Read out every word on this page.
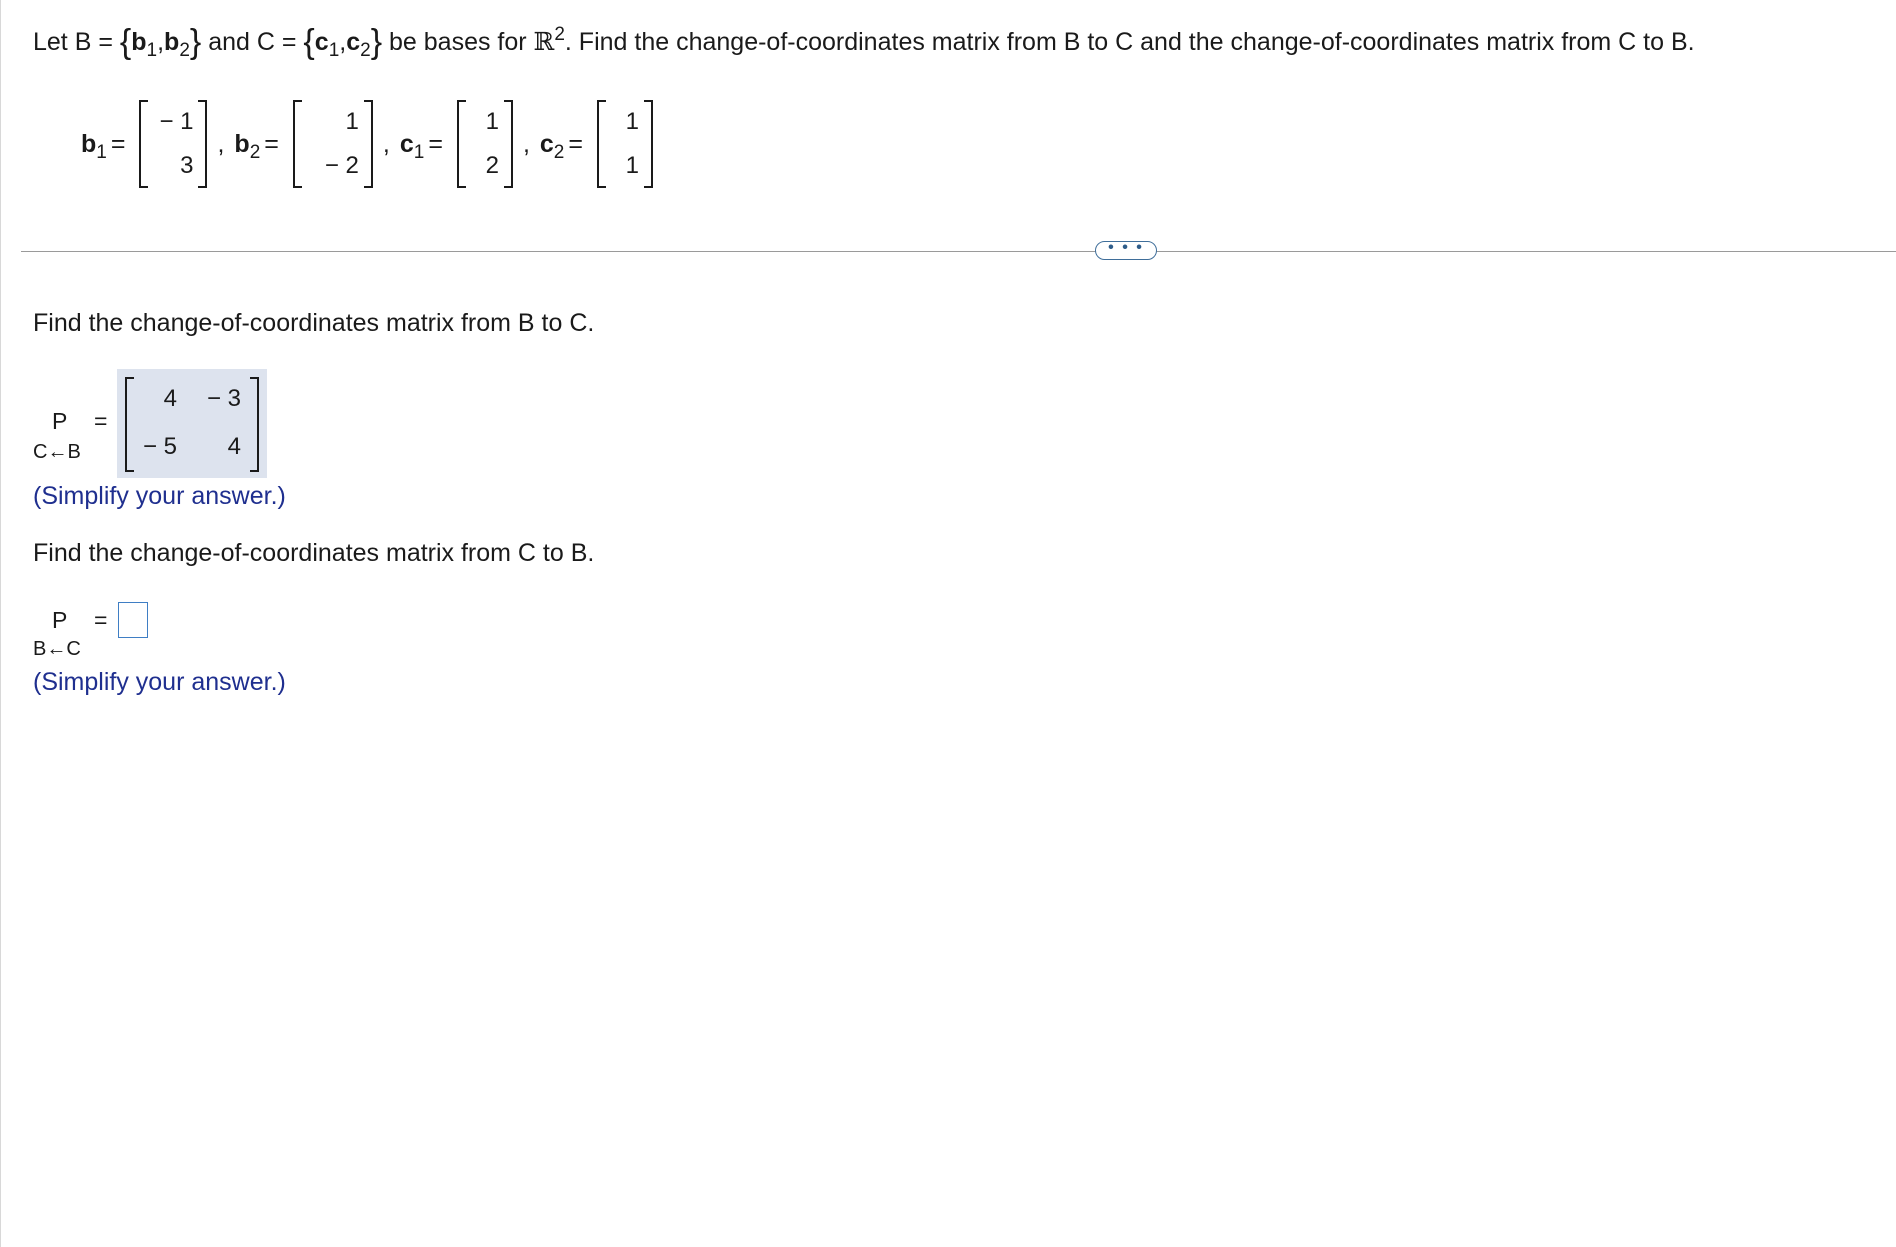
Let $B = \{b_1,b_2\}$ and $C = \{c_1,c_2\}$ be bases for ℝ$^2$. Find the change-of-coordinates matrix from B to C and the change-of-coordinates matrix from C to B.
$b_1$ =
− 1
3
, $b_2$ =
1
− 2
, $c_1$ =
1
2
, $c_2$ =
1
1
• • •
Find the change-of-coordinates matrix from B to C.
P =
C←B
4	− 3
− 5	4
(Simplify your answer.)
Find the change-of-coordinates matrix from C to B.
P =
B←C
(Simplify your answer.)
